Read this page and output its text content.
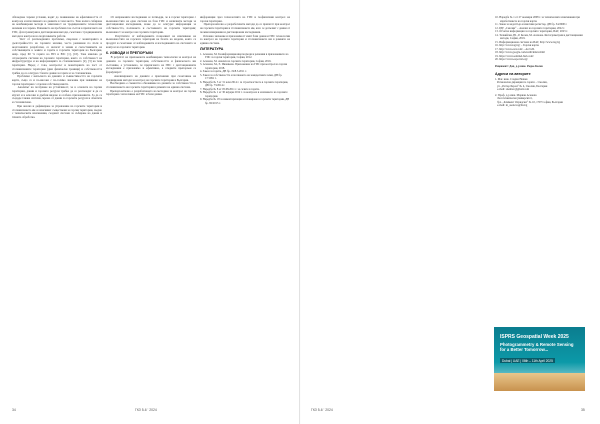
обхождане терени условия, водят до понижаване на ефективността от контрола и използването на данните в тези места. Това налага събиране на комбинирани методи в зависимост на традиционните технологии наземни и в терена. Решението на проблемът не състои в прилагането на ГИС, фотограметрия и дистанционни методи, съчетани с традиционните методи и контрола на подпочвените работи.
Част от разглежданите проблеми, свързани с мониторинга и дълготрайността на горските масиви, често решавани по пътя и неотложните разработки, се налагат в земни и съпоставимите на собствениците в земите и горите в горските територии на България, напр. пред 60 % горите на ЮЗ и ЮС [1], [10]. Това изисква да отговорните системи на горските територии, които са собственост на инфраструктура и на информацията за стопанисването [2], [3] на тези територии. Наред с това, контролът и мониторинга на част от стопанисваните територии (дим физически граници) и собствеността трябва да се осигури с базите данни за горите и за стопанисване.
Проблеми с непълнота на данните и съвместимостта на горските карти, също са и по-високи с по-голямо значение при заявяване на горски територии с отделни собствени имоти.
Анализът на ползуване на устойчивост, че в основата на горски територии, данни и горските ресурси трябва да се разглеждат и да се изучат и в класови и дребни видове и особено приложенията. За да се създаде такава система, мрежа от данни за горските ресурси и обектите и стопанисване.
При анализ и дефиниране за управление на горските територии и стопанисването им се изясняват съществени за горски територии, заедно с техническите изисквания, създават система за събиране на данни и тяхната обработка.

От направените изследвания се потвърди, че в горски територии с възможностите на една система на база ГИС и наличните методи за дистанционни изследвания, може да се осигури: информация за собствеността, ползването и състоянието на горските територии; възможност за контрол на горските територии.
Резултатите от наблюденията позволяват на изясняване на възможностите на горската територия на базата на модели, които са продукт и съчетание от наблюденията и изследванията на системата за контрол на горските територии.

6. ИЗВОДИ И ПРЕПОРЪКИ

В резултат на приложената комбинирана технология за контрол на данните за горските територии, собствеността и физическото им състояние, е установено, че прилагането на ГИС с дистанционните изследвания е приложимо и ефективно, а следните препоръки се формулират:
Анализирането на данните е приложимо при съчетаване на традиционни методи за контрол на горските територии в България.
Необходимо е съвместно обновяване на данните за собствеността и стопанисването на горските територии в рамките на единна система.
Препоръчително е разработването на методика за контрол на горски територии с използване на ГИС и бази данни.

информация чрез технологията на ГИС и геофизичния контрол на горски територии.
Препоръчително е разработените методи да се прилагат при контрол на горските територии и стопанисването им, като се допълват с данни от полеви измервания и дистанционни изследвания.
Основно значение и приложимост имат бази данни и ГИС технологии за контрол на горските територии и стопанисването им в рамките на единна система.

ЛИТЕРАТУРА

1. Асенова, М. Геоинформационни подходи и решения в приложението на ГИС за горски територии, София, 2012.

2. Асенова, М. Анализ на горските територии, София, 2016.

3. Асенова, М., Е. Ивашкова. Приложение на ГИС при контрол на горски територии, 2018.

4. Закон за горите, ДВ бр. 19/8.3.2011 г.

5. Закон за собствеността и ползването на земеделските земи, ДВ бр. 17/1991 г.

6. Наредба № 5 от 31 юли 2014 г. за строителството в горските територии, ДВ бр. 73/2014 г.

7. Наредба № 8 от 05.08.2011 г. за сечите в горите.

8. Наредба № 1 от 30 януари 2012 г. за контрола и опазването на горските територии.

9. Наредба № 18 за инвентаризация и планиране в горските територии, ДВ бр. 82/2015 г.

34	ГКЗ 5-6 ' 2024

10. Наредба № 1 от 27 ноември 2008 г. за техническите изисквания при изработването на горски карти.

11. Закон за кадастъра и имотния регистър, ДВ бр. 34/2000 г.

12. РДГ „Смолян“ – Анализ на горските територии, 2022 г.

13. Отчетна информация за горските територии, ИАГ, 2023 г.

14. Телкийски, Ю., Р. Колев, М. Асенова. Фотограметрия и дистанционни методи, София, 2019.

15. Информационна система на ИАГ, http://www.iag.bg

16. http://www.iag.bg/ – Горски карти.

17. http://www.esri.com/ – ArcGIS.

18. http://www.google.com/earth/index.html

19. https://www.sentinel-hub.com/

20. https://www.eoportal.org/

Рецензент: Доц. д-р инж. Радко Колев

Адреси на авторите

1. Маг. инж. Сладан Нешев
Регионална дирекция по горите – Смолян,
ул. „Петър Берон“ № 4, Смолян, България
e-mail: sneshev@gmail.com

2. Проф. д-р инж. Мариан Асенова
Лесотехнически университет,
бул. „Климент Охридски“ № 10, 1797 София, България
e-mail: m_asenova@ltu.bg

ISPRS Geospatial Week 2025
Photogrammetry & Remote Sensing for a Better Tomorrow...
Dubai | UAE | 06th – 11th April 2025
ГКЗ 5-6 ' 2024	35
